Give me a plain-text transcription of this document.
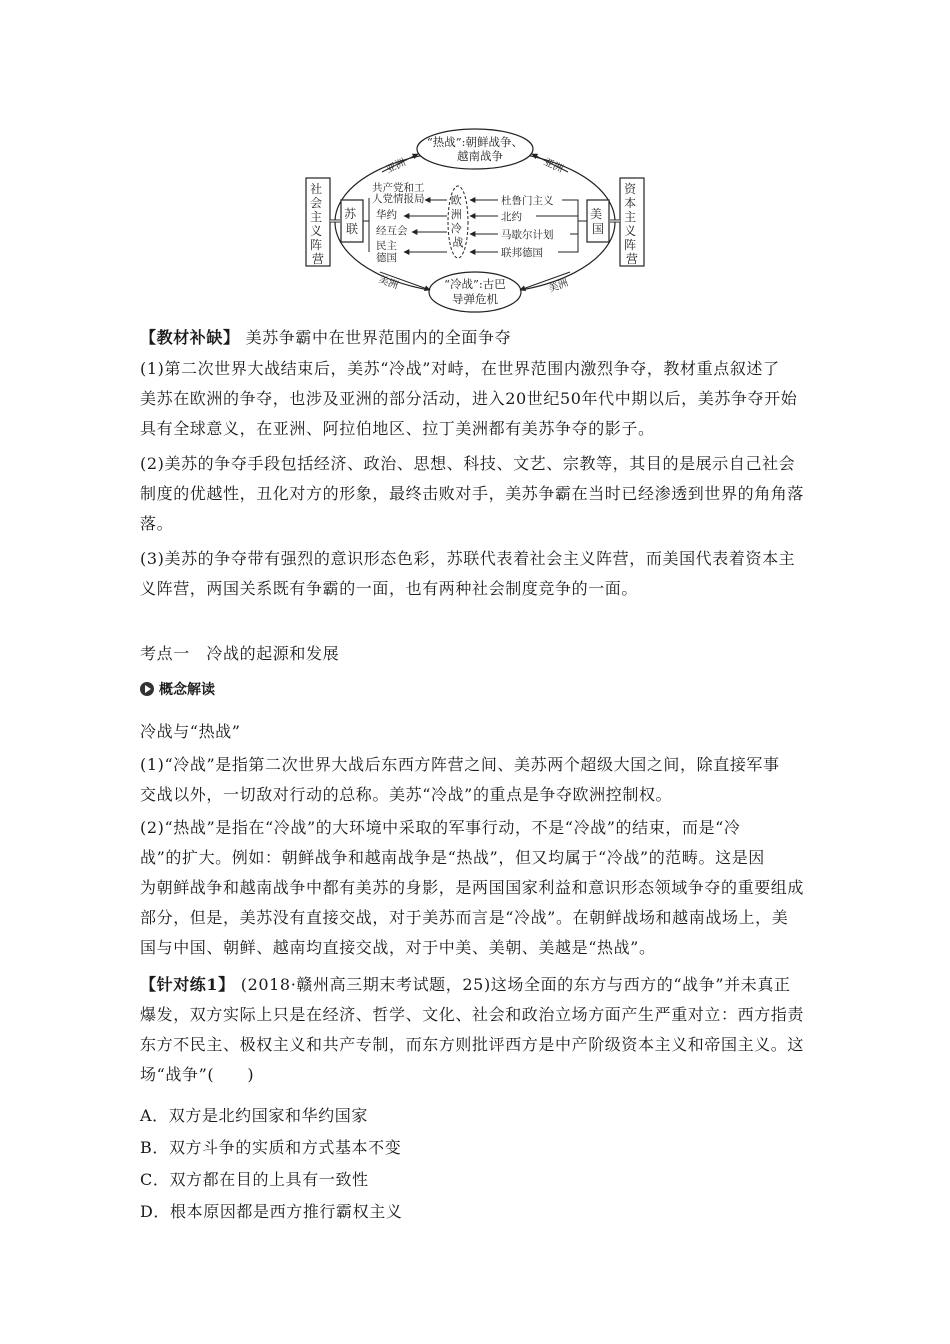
“热战”:朝鲜战争、
越南战争
“冷战”:古巴
导弹危机
亚洲	亚洲
美洲	美洲
社 会 主 义 阵 营
资 本 主 义 阵 营
苏 联
美 国
欧 洲 冷 战
共产党和工
人党情报局
华约
经互会
民主
德国
杜鲁门主义
北约
马歇尔计划
联邦德国
【教材补缺】 美苏争霸中在世界范围内的全面争夺
(1)第二次世界大战结束后，美苏“冷战”对峙，在世界范围内激烈争夺，教材重点叙述了
美苏在欧洲的争夺，也涉及亚洲的部分活动，进入20世纪50年代中期以后，美苏争夺开始
具有全球意义，在亚洲、阿拉伯地区、拉丁美洲都有美苏争夺的影子。
(2)美苏的争夺手段包括经济、政治、思想、科技、文艺、宗教等，其目的是展示自己社会
制度的优越性，丑化对方的形象，最终击败对手，美苏争霸在当时已经渗透到世界的角角落
落。
(3)美苏的争夺带有强烈的意识形态色彩，苏联代表着社会主义阵营，而美国代表着资本主
义阵营，两国关系既有争霸的一面，也有两种社会制度竞争的一面。
考点一　冷战的起源和发展
概念解读
冷战与“热战”
(1)“冷战”是指第二次世界大战后东西方阵营之间、美苏两个超级大国之间，除直接军事
交战以外，一切敌对行动的总称。美苏“冷战”的重点是争夺欧洲控制权。
(2)“热战”是指在“冷战”的大环境中采取的军事行动，不是“冷战”的结束，而是“冷
战”的扩大。例如：朝鲜战争和越南战争是“热战”，但又均属于“冷战”的范畴。这是因
为朝鲜战争和越南战争中都有美苏的身影，是两国国家利益和意识形态领域争夺的重要组成
部分，但是，美苏没有直接交战，对于美苏而言是“冷战”。在朝鲜战场和越南战场上，美
国与中国、朝鲜、越南均直接交战，对于中美、美朝、美越是“热战”。
【针对练1】 (2018·赣州高三期末考试题，25)这场全面的东方与西方的“战争”并未真正
爆发，双方实际上只是在经济、哲学、文化、社会和政治立场方面产生严重对立：西方指责
东方不民主、极权主义和共产专制，而东方则批评西方是中产阶级资本主义和帝国主义。这
场“战争”(　　)
A．双方是北约国家和华约国家
B．双方斗争的实质和方式基本不变
C．双方都在目的上具有一致性
D．根本原因都是西方推行霸权主义
